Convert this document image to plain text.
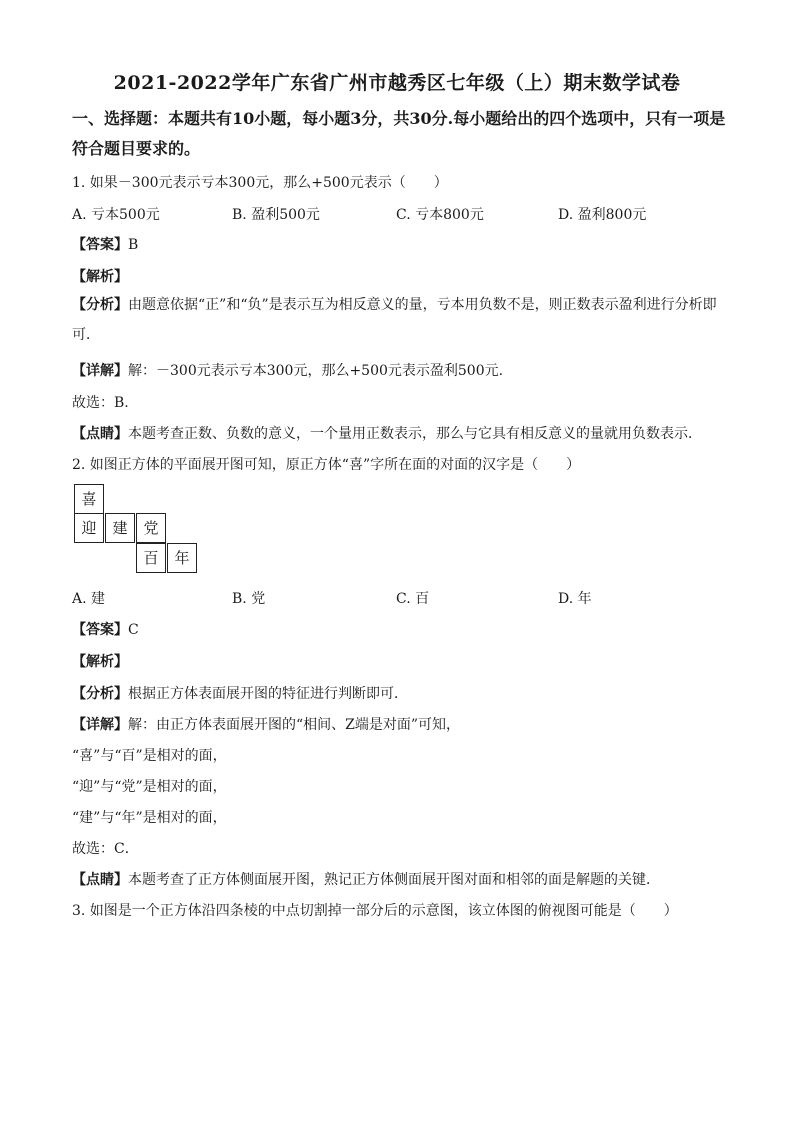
2021-2022学年广东省广州市越秀区七年级（上）期末数学试卷
一、选择题：本题共有10小题，每小题3分，共30分.每小题给出的四个选项中，只有一项是符合题目要求的。
1. 如果－300元表示亏本300元，那么+500元表示（　　）
A. 亏本500元	B. 盈利500元	C. 亏本800元	D. 盈利800元
【答案】B
【解析】
【分析】由题意依据“正”和“负”是表示互为相反意义的量，亏本用负数不是，则正数表示盈利进行分析即可．
【详解】解：－300元表示亏本300元，那么+500元表示盈利500元.
故选：B.
【点睛】本题考查正数、负数的意义，一个量用正数表示，那么与它具有相反意义的量就用负数表示．
2. 如图正方体的平面展开图可知，原正方体“喜”字所在面的对面的汉字是（　　）
喜
迎	建	党
百	年
A. 建	B. 党	C. 百	D. 年
【答案】C
【解析】
【分析】根据正方体表面展开图的特征进行判断即可．
【详解】解：由正方体表面展开图的“相间、Z端是对面”可知，
“喜”与“百”是相对的面，
“迎”与“党”是相对的面，
“建”与“年”是相对的面，
故选：C．
【点睛】本题考查了正方体侧面展开图，熟记正方体侧面展开图对面和相邻的面是解题的关键．
3. 如图是一个正方体沿四条棱的中点切割掉一部分后的示意图，该立体图的俯视图可能是（　　）
